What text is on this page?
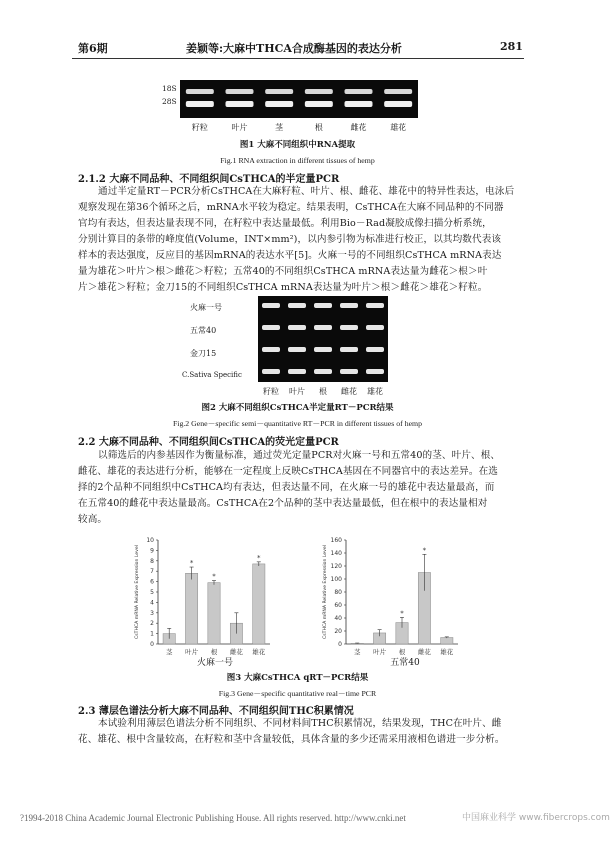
第6期	姜颖等:大麻中THCA合成酶基因的表达分析	281
18S
28S
籽粒	叶片	茎	根	雌花	雄花
图1 大麻不同组织中RNA提取
Fig.1 RNA extraction in different tissues of hemp
2.1.2 大麻不同品种、不同组织间CsTHCA的半定量PCR
通过半定量RT－PCR分析CsTHCA在大麻籽粒、叶片、根、雌花、雄花中的特异性表达，电泳后
观察发现在第36个循环之后，mRNA水平较为稳定。结果表明，CsTHCA在大麻不同品种的不同器
官均有表达，但表达量表现不同，在籽粒中表达量最低。利用Bio－Rad凝胶成像扫描分析系统，
分别计算目的条带的峰度值(Volume，INT×mm²)，以内参引物为标准进行校正，以其均数代表该
样本的表达强度，反应目的基因mRNA的表达水平[5]。火麻一号的不同组织CsTHCA mRNA表达
量为雄花＞叶片＞根＞雌花＞籽粒；五常40的不同组织CsTHCA mRNA表达量为雌花＞根＞叶
片＞雄花＞籽粒；金刀15的不同组织CsTHCA mRNA表达量为叶片＞根＞雌花＞雄花＞籽粒。
火麻一号
五常40
金刀15
C.Sativa Specific
籽粒	叶片	根	雌花	雄花
图2 大麻不同组织CsTHCA半定量RT－PCR结果
Fig.2 Gene－specific semi－quantitative RT－PCR in different tissues of hemp
2.2 大麻不同品种、不同组织间CsTHCA的荧光定量PCR
以筛选后的内参基因作为衡量标准，通过荧光定量PCR对火麻一号和五常40的茎、叶片、根、
雌花、雄花的表达进行分析，能够在一定程度上反映CsTHCA基因在不同器官中的表达差异。在选
择的2个品种不同组织中CsTHCA均有表达，但表达量不同，在火麻一号的雄花中表达量最高，而
在五常40的雌花中表达量最高。CsTHCA在2个品种的茎中表达量最低，但在根中的表达量相对
较高。
0
1
2
3
4
5
6
7
8
9
10
CsTHCA mRNA Relative Expression Level
茎
*
叶片
*
根 雌花
*
雄花
0
20
40
60
80
100
120
140
160
CsTHCA mRNA Relative Expression Level
茎 叶片
*
根
*
雌花 雄花
火麻一号	五常40
图3 大麻CsTHCA qRT－PCR结果
Fig.3 Gene－specific quantitative real－time PCR
2.3 薄层色谱法分析大麻不同品种、不同组织间THC积累情况
本试验利用薄层色谱法分析不同组织、不同材料间THC积累情况，结果发现，THC在叶片、雌
花、雄花、根中含量较高，在籽粒和茎中含量较低，具体含量的多少还需采用液相色谱进一步分析。
?1994-2018 China Academic Journal Electronic Publishing House. All rights reserved. http://www.cnki.net	中国麻业科学 www.fibercrops.com
